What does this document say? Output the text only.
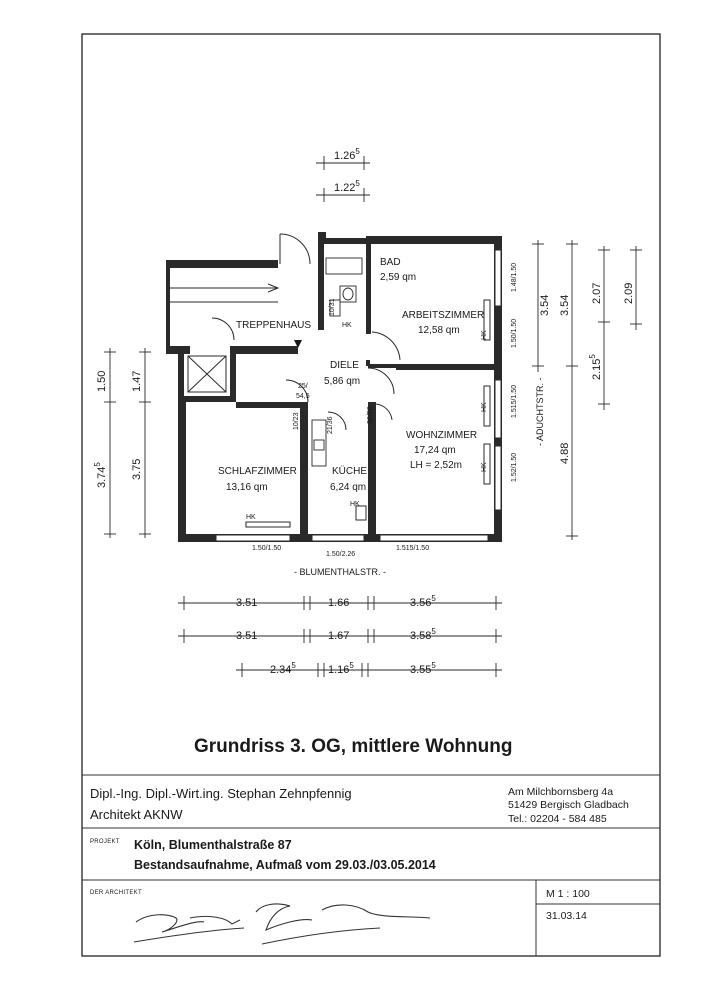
BAD
2,59 qm
ARBEITSZIMMER
12,58 qm
TREPPENHAUS
DIELE
5,86 qm
WOHNZIMMER
17,24 qm
LH = 2,52m
SCHLAFZIMMER
13,16 qm
KÜCHE
6,24 qm
HK
HK
HK
HK
HK
HK
10/31
25/
54,5
10/23	21/36
36/56
1.48/1.50
1.50/1.50
1.515/1.50
1.52/1.50
1.50/1.50
1.50/2.26
1.515/1.50
- BLUMENTHALSTR. -
- ADUCHTSTR. -
1.26$^5$
1.22$^5$
1.50
3.74$^5$
1.47
3.75
3.54 3.54
2.07 2.09
2.15$^5$
4.88
3.51	1.66	3.56$^5$
3.51	1.67	3.58$^5$
2.34$^5$	1.16$^5$	3.55$^5$
Grundriss 3. OG, mittlere Wohnung
Dipl.-Ing. Dipl.-Wirt.ing. Stephan Zehnpfennig
Architekt AKNW
Am Milchbornsberg 4a
51429 Bergisch Gladbach
Tel.: 02204 - 584 485
PROJEKT Köln, Blumenthalstraße 87
Bestandsaufnahme, Aufmaß vom 29.03./03.05.2014
DER ARCHITEKT	M 1 : 100
31.03.14
